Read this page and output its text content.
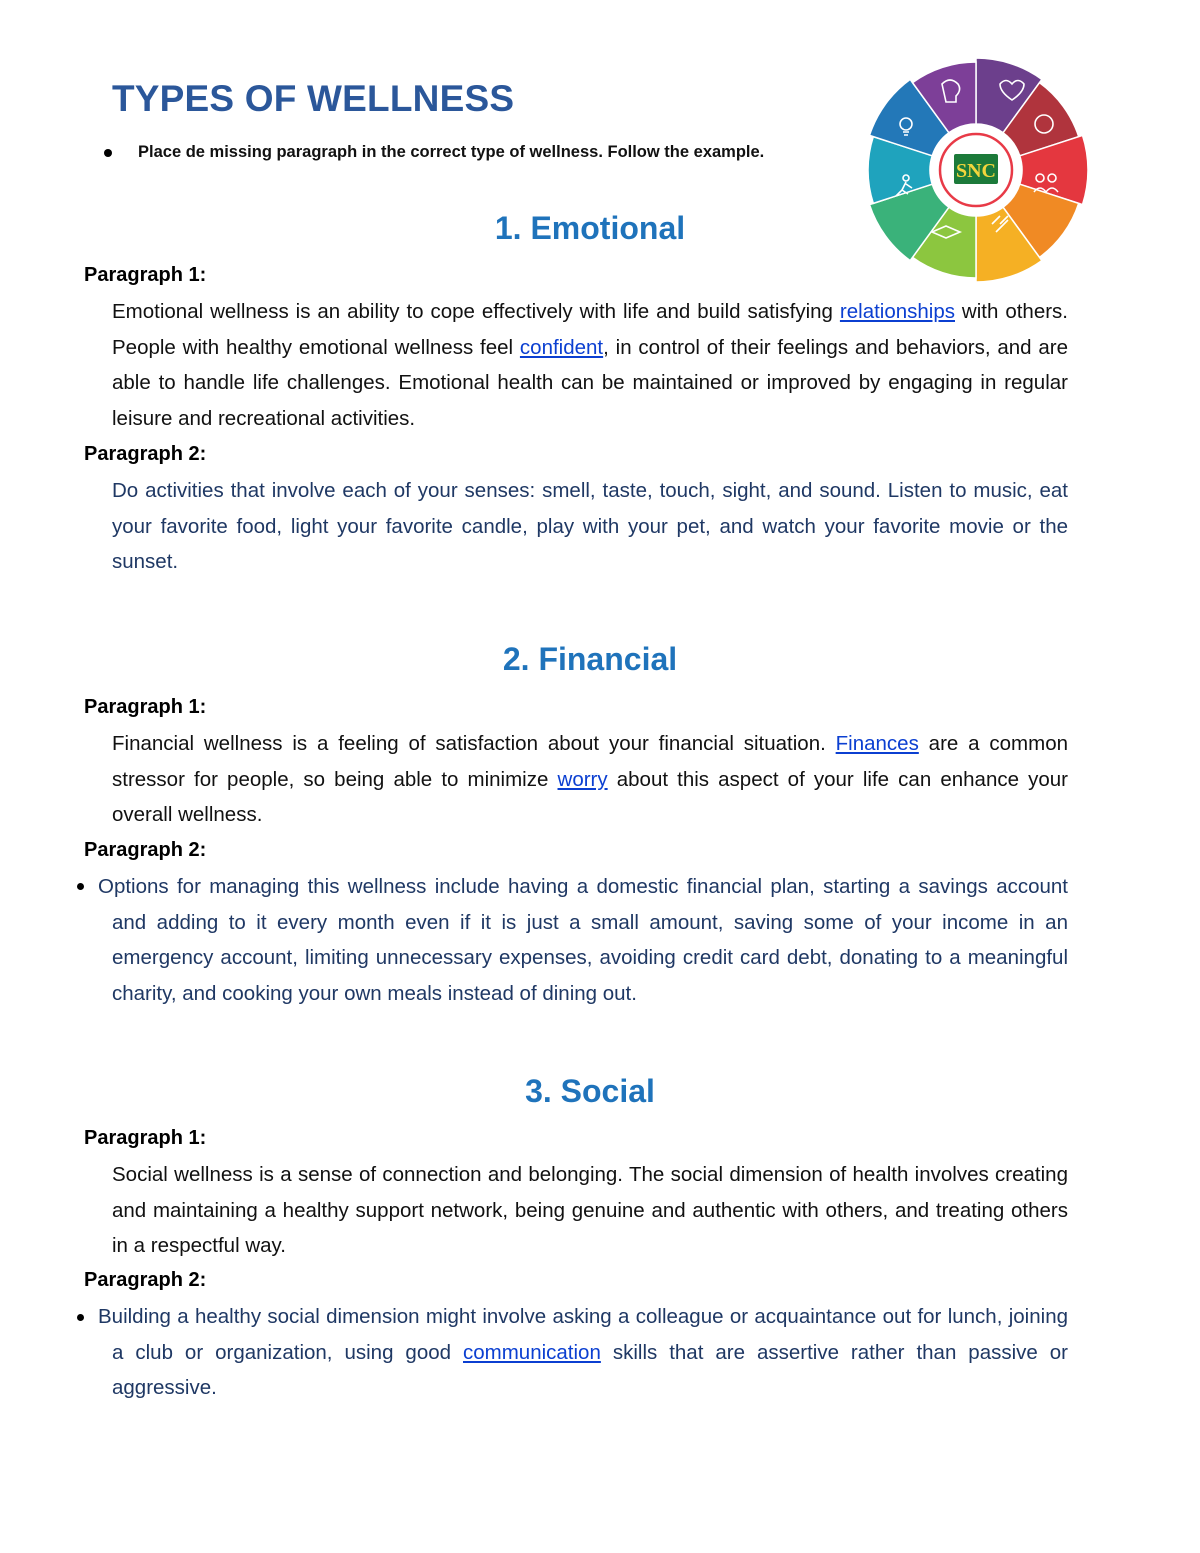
TYPES OF WELLNESS
Place de missing paragraph in the correct type of wellness. Follow the example.
SNC
1. Emotional
Paragraph 1:

Emotional wellness is an ability to cope effectively with life and build satisfying relationships with others. People with healthy emotional wellness feel confident, in control of their feelings and behaviors, and are able to handle life challenges. Emotional health can be maintained or improved by engaging in regular leisure and recreational activities.

Paragraph 2:

Do activities that involve each of your senses: smell, taste, touch, sight, and sound. Listen to music, eat your favorite food, light your favorite candle, play with your pet, and watch your favorite movie or the sunset.

2. Financial
Paragraph 1:

Financial wellness is a feeling of satisfaction about your financial situation. Finances are a common stressor for people, so being able to minimize worry about this aspect of your life can enhance your overall wellness.

Paragraph 2:

Options for managing this wellness include having a domestic financial plan, starting a savings account and adding to it every month even if it is just a small amount, saving some of your income in an emergency account, limiting unnecessary expenses, avoiding credit card debt, donating to a meaningful charity, and cooking your own meals instead of dining out.

3. Social
Paragraph 1:

Social wellness is a sense of connection and belonging. The social dimension of health involves creating and maintaining a healthy support network, being genuine and authentic with others, and treating others in a respectful way.

Paragraph 2:

Building a healthy social dimension might involve asking a colleague or acquaintance out for lunch, joining a club or organization, using good communication skills that are assertive rather than passive or aggressive.
